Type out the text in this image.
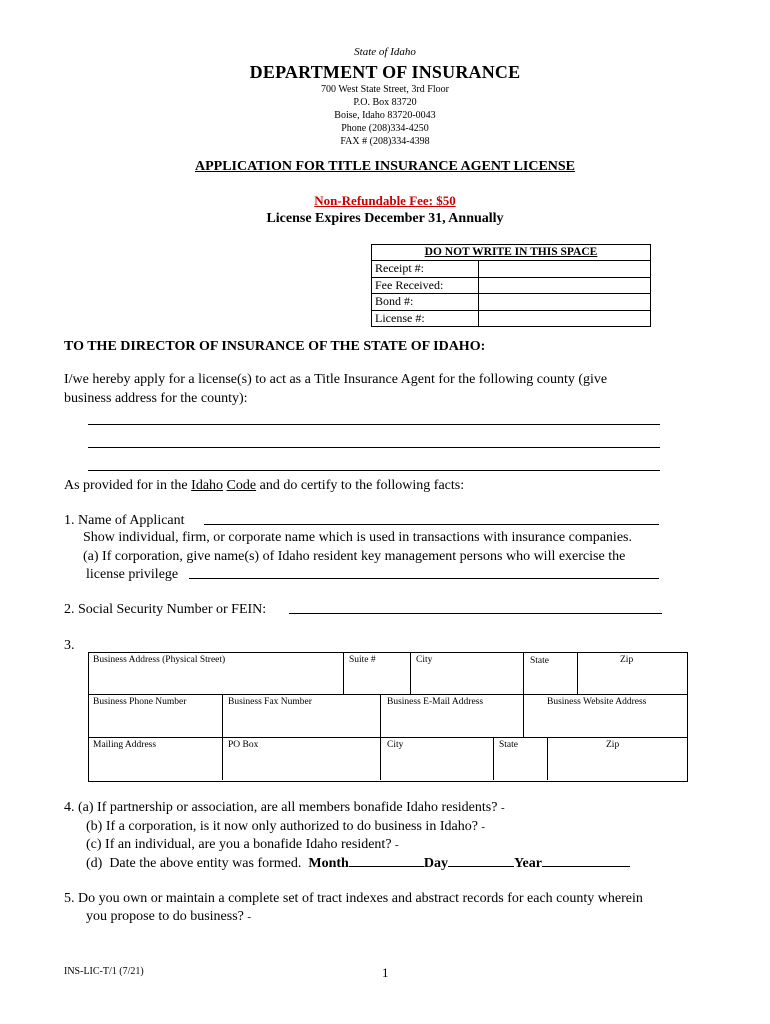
State of Idaho
DEPARTMENT OF INSURANCE
700 West State Street, 3rd Floor
P.O. Box 83720
Boise, Idaho 83720-0043
Phone (208)334-4250
FAX # (208)334-4398
APPLICATION FOR TITLE INSURANCE AGENT LICENSE
Non-Refundable Fee: $50
License Expires December 31, Annually
DO NOT WRITE IN THIS SPACE
Receipt #:
Fee Received:
Bond #:
License #:
TO THE DIRECTOR OF INSURANCE OF THE STATE OF IDAHO:
I/we hereby apply for a license(s) to act as a Title Insurance Agent for the following county (give
business address for the county):
As provided for in the Idaho Code and do certify to the following facts:
1. Name of Applicant
Show individual, firm, or corporate name which is used in transactions with insurance companies.
(a) If corporation, give name(s) of Idaho resident key management persons who will exercise the
license privilege
2. Social Security Number or FEIN:
3.
Business Address (Physical Street)	Suite #	City	State	Zip
Business Phone Number	Business Fax Number	Business E-Mail Address	Business Website Address
Mailing Address	PO Box	City	State	Zip
4. (a) If partnership or association, are all members bonafide Idaho residents? -
(b) If a corporation, is it now only authorized to do business in Idaho? -
(c) If an individual, are you a bonafide Idaho resident? -
(d)  Date the above entity was formed.  Month	Day	Year
5. Do you own or maintain a complete set of tract indexes and abstract records for each county wherein
you propose to do business? -
INS-LIC-T/1 (7/21)	1
